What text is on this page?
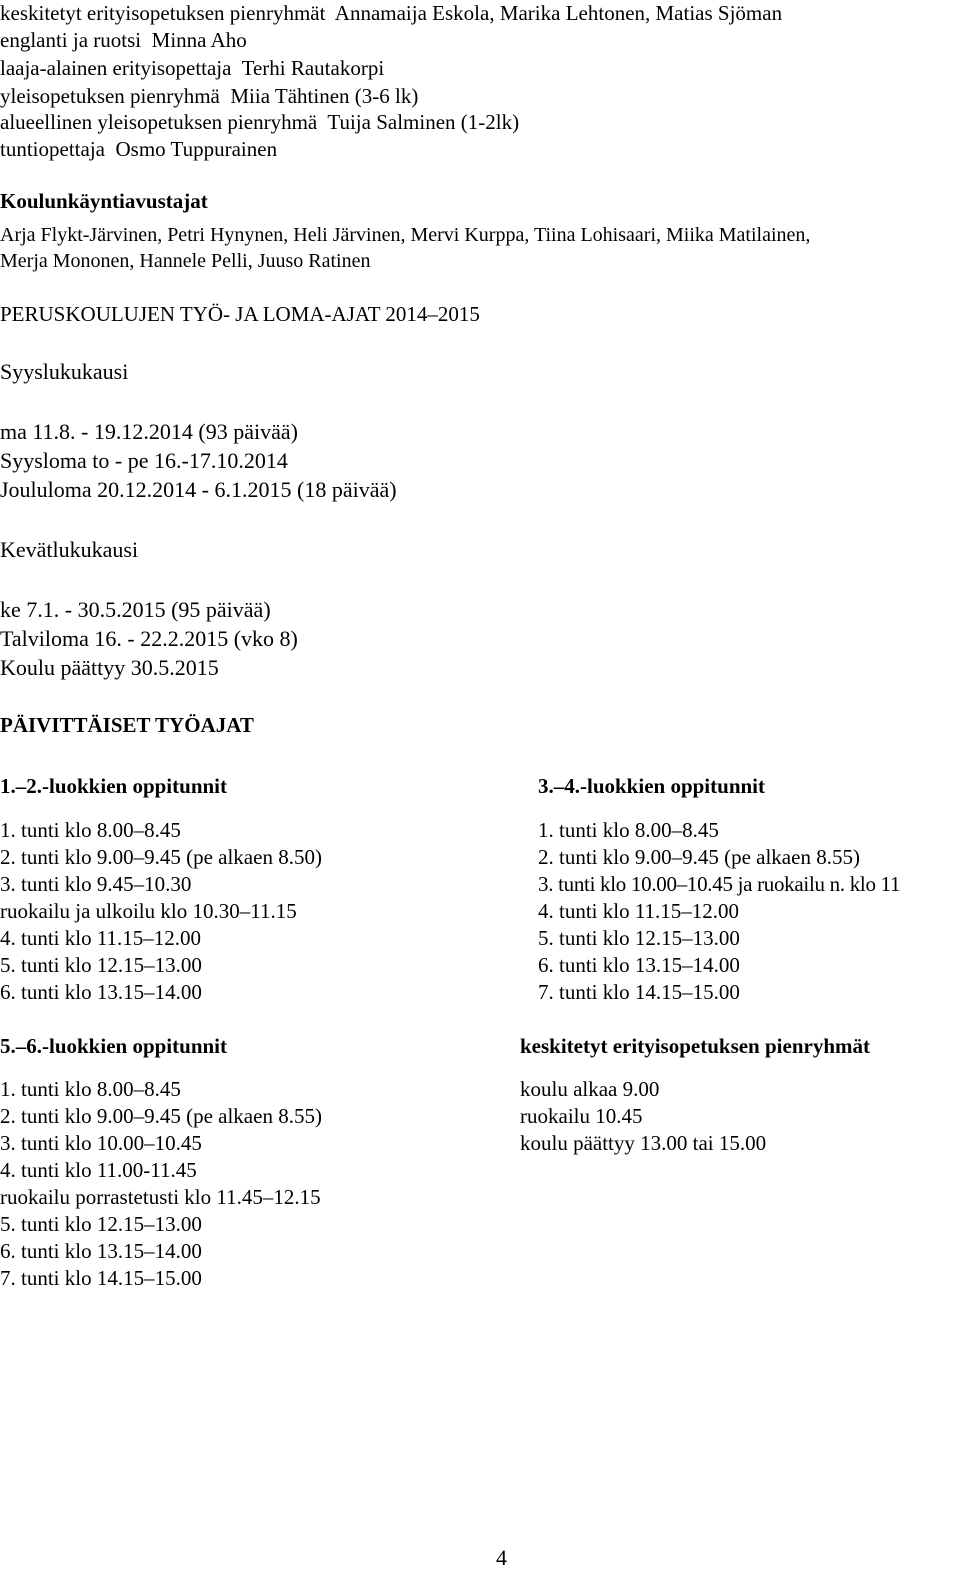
keskitetyt erityisopetuksen pienryhmät Annamaija Eskola, Marika Lehtonen, Matias Sjöman
englanti ja ruotsi Minna Aho
laaja-alainen erityisopettaja Terhi Rautakorpi
yleisopetuksen pienryhmä Miia Tähtinen (3-6 lk)
alueellinen yleisopetuksen pienryhmä Tuija Salminen (1-2lk)
tuntiopettaja Osmo Tuppurainen
Koulunkäyntiavustajat
Arja Flykt-Järvinen, Petri Hynynen, Heli Järvinen, Mervi Kurppa, Tiina Lohisaari, Miika Matilainen,
Merja Mononen, Hannele Pelli, Juuso Ratinen
PERUSKOULUJEN TYÖ- JA LOMA-AJAT 2014–2015
Syyslukukausi
ma 11.8. - 19.12.2014 (93 päivää)
Syysloma to - pe 16.-17.10.2014
Joululoma 20.12.2014 - 6.1.2015 (18 päivää)
Kevätlukukausi
ke 7.1. - 30.5.2015 (95 päivää)
Talviloma 16. - 22.2.2015 (vko 8)
Koulu päättyy 30.5.2015
PÄIVITTÄISET TYÖAJAT
1.–2.-luokkien oppitunnit	3.–4.-luokkien oppitunnit
1. tunti klo 8.00–8.45
2. tunti klo 9.00–9.45 (pe alkaen 8.50)
3. tunti klo 9.45–10.30
ruokailu ja ulkoilu klo 10.30–11.15
4. tunti klo 11.15–12.00
5. tunti klo 12.15–13.00
6. tunti klo 13.15–14.00
1. tunti klo 8.00–8.45
2. tunti klo 9.00–9.45 (pe alkaen 8.55)
3. tunti klo 10.00–10.45 ja ruokailu n. klo 11
4. tunti klo 11.15–12.00
5. tunti klo 12.15–13.00
6. tunti klo 13.15–14.00
7. tunti klo 14.15–15.00
5.–6.-luokkien oppitunnit	keskitetyt erityisopetuksen pienryhmät
1. tunti klo 8.00–8.45
2. tunti klo 9.00–9.45 (pe alkaen 8.55)
3. tunti klo 10.00–10.45
4. tunti klo 11.00-11.45
ruokailu porrastetusti klo 11.45–12.15
5. tunti klo 12.15–13.00
6. tunti klo 13.15–14.00
7. tunti klo 14.15–15.00
koulu alkaa 9.00
ruokailu 10.45
koulu päättyy 13.00 tai 15.00
4
